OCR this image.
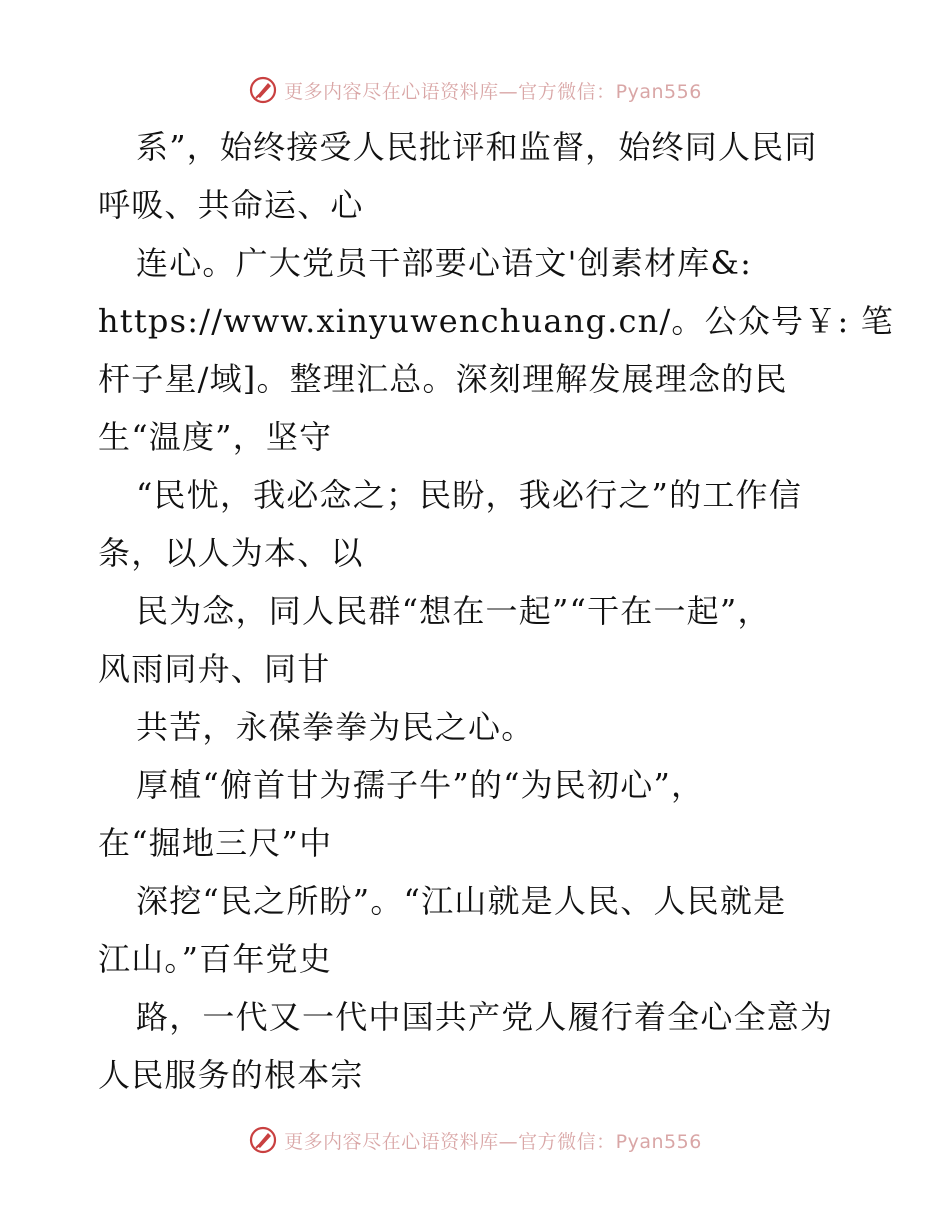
更多内容尽在心语资料库—官方微信：Pyan556
系”，始终接受人民批评和监督，始终同人民同
呼吸、共命运、心
连心。广大党员干部要心语文'创素材库&:
https://www.xinyuwenchuang.cn/。公众号￥: 笔
杆子星/域]。整理汇总。深刻理解发展理念的民
生“温度”，坚守
“民忧，我必念之；民盼，我必行之”的工作信
条，以人为本、以
民为念，同人民群“想在一起”“干在一起”，
风雨同舟、同甘
共苦，永葆拳拳为民之心。
厚植“俯首甘为孺子牛”的“为民初心”，
在“掘地三尺”中
深挖“民之所盼”。“江山就是人民、人民就是
江山。”百年党史
路，一代又一代中国共产党人履行着全心全意为
人民服务的根本宗
更多内容尽在心语资料库—官方微信：Pyan556
